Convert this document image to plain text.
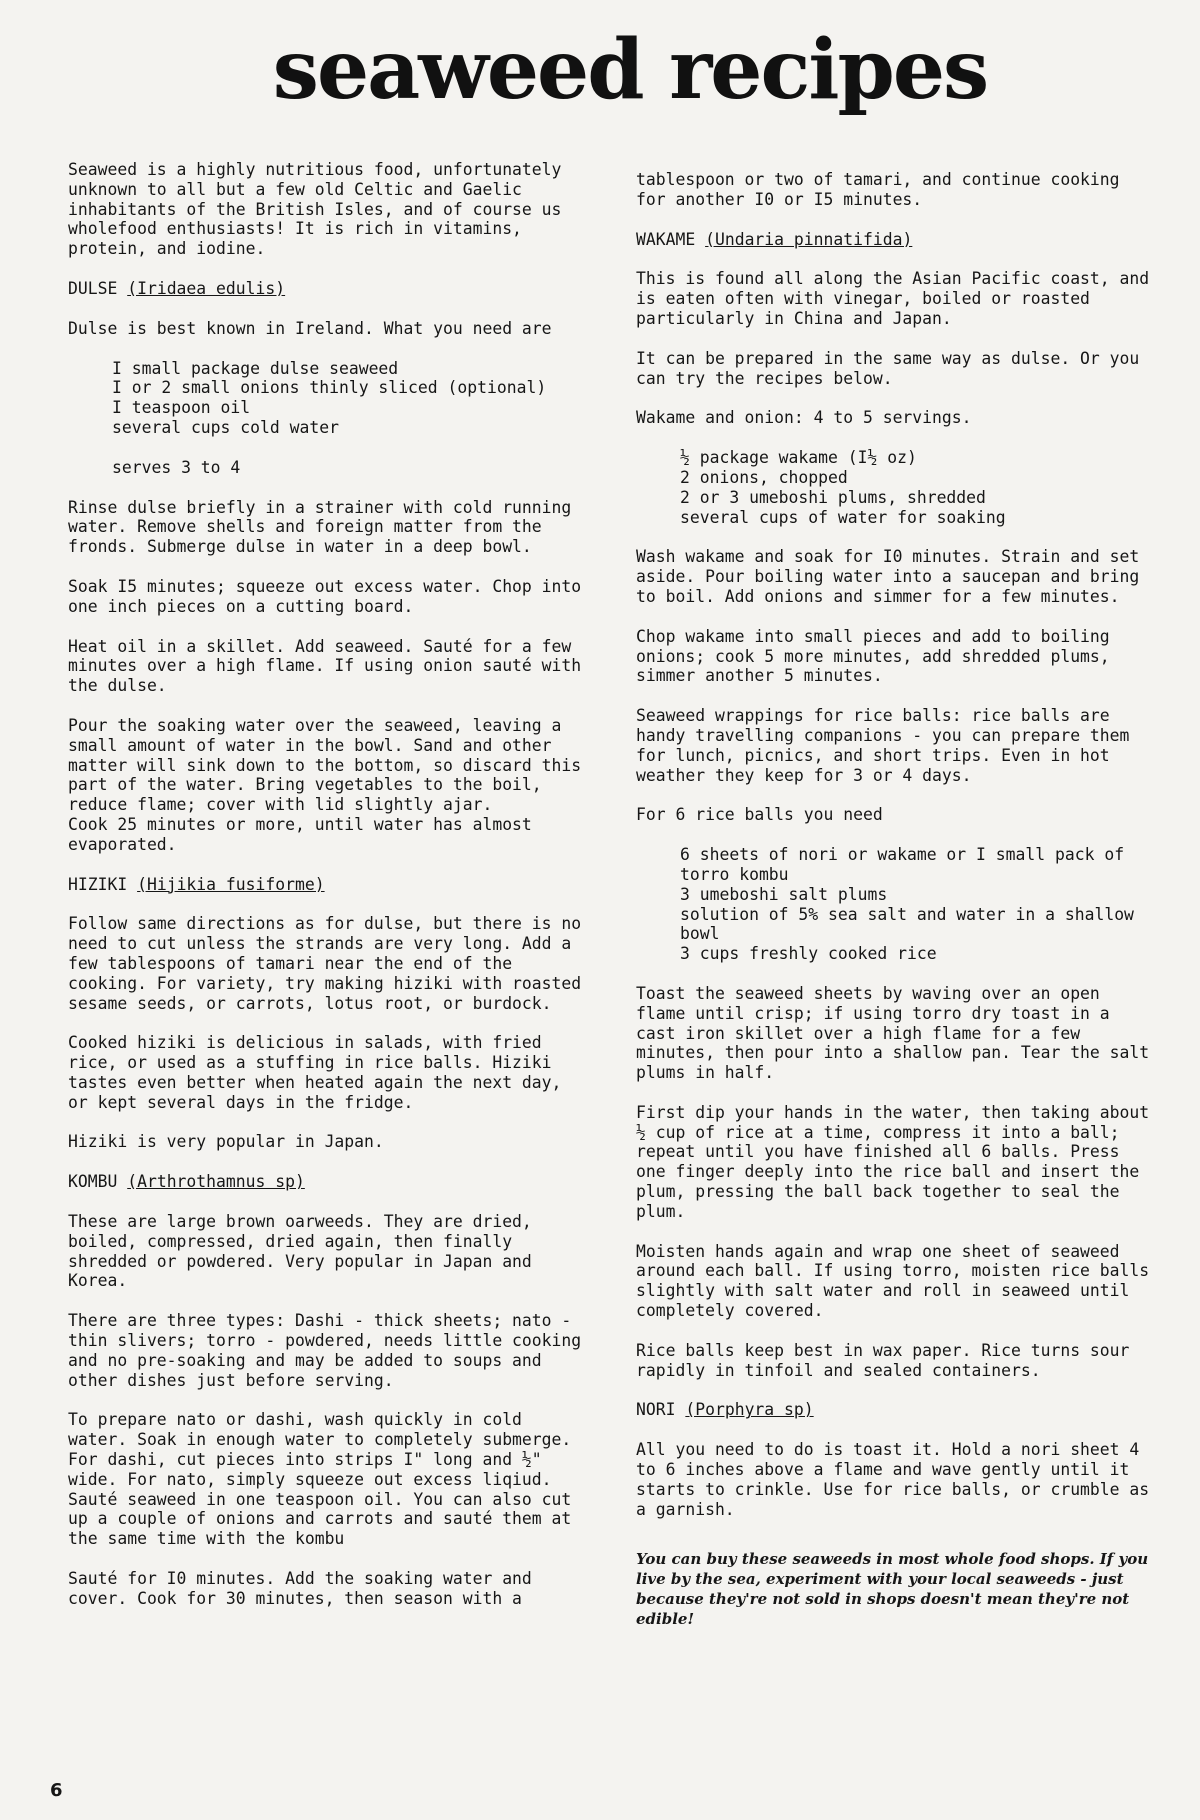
seaweed recipes

Seaweed is a highly nutritious food, unfortunately unknown to all but a few old Celtic and Gaelic inhabitants of the British Isles, and of course us wholefood enthusiasts! It is rich in vitamins, protein, and iodine.

DULSE (Iridaea edulis)

Dulse is best known in Ireland. What you need are

I small package dulse seaweed
I or 2 small onions thinly sliced (optional)
I teaspoon oil
several cups cold water
serves 3 to 4

Rinse dulse briefly in a strainer with cold running water. Remove shells and foreign matter from the fronds. Submerge dulse in water in a deep bowl.

Soak I5 minutes; squeeze out excess water. Chop into one inch pieces on a cutting board.

Heat oil in a skillet. Add seaweed. Sauté for a few minutes over a high flame. If using onion sauté with the dulse.

Pour the soaking water over the seaweed, leaving a small amount of water in the bowl. Sand and other matter will sink down to the bottom, so discard this part of the water. Bring vegetables to the boil, reduce flame; cover with lid slightly ajar.
Cook 25 minutes or more, until water has almost evaporated.

HIZIKI (Hijikia fusiforme)

Follow same directions as for dulse, but there is no need to cut unless the strands are very long. Add a few tablespoons of tamari near the end of the cooking. For variety, try making hiziki with roasted sesame seeds, or carrots, lotus root, or burdock.

Cooked hiziki is delicious in salads, with fried rice, or used as a stuffing in rice balls. Hiziki tastes even better when heated again the next day, or kept several days in the fridge.

Hiziki is very popular in Japan.

KOMBU (Arthrothamnus sp)

These are large brown oarweeds. They are dried, boiled, compressed, dried again, then finally shredded or powdered. Very popular in Japan and Korea.

There are three types: Dashi - thick sheets; nato - thin slivers; torro - powdered, needs little cooking and no pre-soaking and may be added to soups and other dishes just before serving.

To prepare nato or dashi, wash quickly in cold water. Soak in enough water to completely submerge. For dashi, cut pieces into strips I" long and ½" wide. For nato, simply squeeze out excess liqiud. Sauté seaweed in one teaspoon oil. You can also cut up a couple of onions and carrots and sauté them at the same time with the kombu

Sauté for I0 minutes. Add the soaking water and cover. Cook for 30 minutes, then season with a

tablespoon or two of tamari, and continue cooking for another I0 or I5 minutes.

WAKAME (Undaria pinnatifida)

This is found all along the Asian Pacific coast, and is eaten often with vinegar, boiled or roasted particularly in China and Japan.

It can be prepared in the same way as dulse. Or you can try the recipes below.

Wakame and onion: 4 to 5 servings.

½ package wakame (I½ oz)
2 onions, chopped
2 or 3 umeboshi plums, shredded
several cups of water for soaking

Wash wakame and soak for I0 minutes. Strain and set aside. Pour boiling water into a saucepan and bring to boil. Add onions and simmer for a few minutes.

Chop wakame into small pieces and add to boiling onions; cook 5 more minutes, add shredded plums, simmer another 5 minutes.

Seaweed wrappings for rice balls: rice balls are handy travelling companions - you can prepare them for lunch, picnics, and short trips. Even in hot weather they keep for 3 or 4 days.

For 6 rice balls you need

6 sheets of nori or wakame or I small pack of torro kombu
3 umeboshi salt plums
solution of 5% sea salt and water in a shallow bowl
3 cups freshly cooked rice

Toast the seaweed sheets by waving over an open flame until crisp; if using torro dry toast in a cast iron skillet over a high flame for a few minutes, then pour into a shallow pan. Tear the salt plums in half.

First dip your hands in the water, then taking about ½ cup of rice at a time, compress it into a ball; repeat until you have finished all 6 balls. Press one finger deeply into the rice ball and insert the plum, pressing the ball back together to seal the plum.

Moisten hands again and wrap one sheet of seaweed around each ball. If using torro, moisten rice balls slightly with salt water and roll in seaweed until completely covered.

Rice balls keep best in wax paper. Rice turns sour rapidly in tinfoil and sealed containers.

NORI (Porphyra sp)

All you need to do is toast it. Hold a nori sheet 4 to 6 inches above a flame and wave gently until it starts to crinkle. Use for rice balls, or crumble as a garnish.

You can buy these seaweeds in most whole food shops. If you live by the sea, experiment with your local seaweeds - just because they're not sold in shops doesn't mean they're not edible!

6
